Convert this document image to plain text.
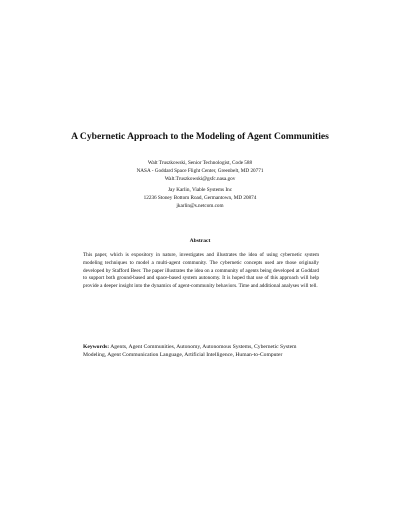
A Cybernetic Approach to the Modeling of Agent Communities
Walt Truszkowski, Senior Technologist, Code 588
NASA - Goddard Space Flight Center, Greenbelt, MD 20771
Walt.Truszkowski@gsfc.nasa.gov
Jay Karlin, Viable Systems Inc
12236 Stoney Bottom Road, Germantown, MD 20874
jkarlin@s.netcom.com
Abstract
This paper, which is expository in nature, investigates and illustrates the idea of using cybernetic system modeling techniques to model a multi-agent community. The cybernetic concepts used are those originally developed by Stafford Beer. The paper illustrates the idea on a community of agents being developed at Goddard to support both ground-based and space-based system autonomy. It is hoped that use of this approach will help provide a deeper insight into the dynamics of agent-community behaviors. Time and additional analyses will tell.
Keywords: Agents, Agent Communities, Autonomy, Autonomous Systems, Cybernetic System Modeling, Agent Communication Language, Artificial Intelligence, Human-to-Computer
